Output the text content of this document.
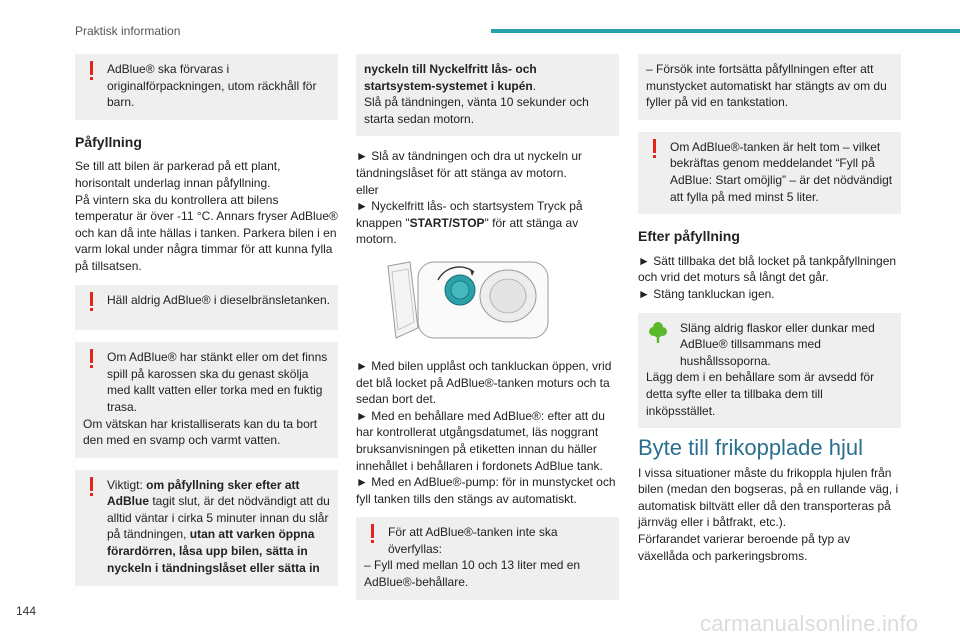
Praktisk information

AdBlue® ska förvaras i originalförpackningen, utom räckhåll för barn.

Påfyllning

Se till att bilen är parkerad på ett plant, horisontalt underlag innan påfyllning.

På vintern ska du kontrollera att bilens temperatur är över -11 °C. Annars fryser AdBlue® och kan då inte hällas i tanken. Parkera bilen i en varm lokal under några timmar för att kunna fylla på tillsatsen.

Häll aldrig AdBlue® i dieselbränsletanken.

Om AdBlue® har stänkt eller om det finns spill på karossen ska du genast skölja med kallt vatten eller torka med en fuktig trasa.

Om vätskan har kristalliserats kan du ta bort den med en svamp och varmt vatten.

Viktigt: om påfyllning sker efter att AdBlue tagit slut, är det nödvändigt att du alltid väntar i cirka 5 minuter innan du slår på tändningen, utan att varken öppna förardörren, låsa upp bilen, sätta in nyckeln i tändningslåset eller sätta in

nyckeln till Nyckelfritt lås- och startsystem-systemet i kupén.

Slå på tändningen, vänta 10 sekunder och starta sedan motorn.

► Slå av tändningen och dra ut nyckeln ur tändningslåset för att stänga av motorn.

eller

► Nyckelfritt lås- och startsystem Tryck på knappen "START/STOP" för att stänga av motorn.

► Med bilen upplåst och tankluckan öppen, vrid det blå locket på AdBlue®-tanken moturs och ta sedan bort det.

► Med en behållare med AdBlue®: efter att du har kontrollerat utgångsdatumet, läs noggrant bruksanvisningen på etiketten innan du häller innehållet i behållaren i fordonets AdBlue tank.

► Med en AdBlue®-pump: för in munstycket och fyll tanken tills den stängs av automatiskt.

För att AdBlue®-tanken inte ska överfyllas:

– Fyll med mellan 10 och 13 liter med en AdBlue®-behållare.

– Försök inte fortsätta påfyllningen efter att munstycket automatiskt har stängts av om du fyller på vid en tankstation.

Om AdBlue®-tanken är helt tom – vilket bekräftas genom meddelandet “Fyll på AdBlue: Start omöjlig” – är det nödvändigt att fylla på med minst 5 liter.

Efter påfyllning

► Sätt tillbaka det blå locket på tankpåfyllningen och vrid det moturs så långt det går.

► Stäng tankluckan igen.

Släng aldrig flaskor eller dunkar med AdBlue® tillsammans med hushållssoporna.

Lägg dem i en behållare som är avsedd för detta syfte eller ta tillbaka dem till inköpsstället.

Byte till frikopplade hjul

I vissa situationer måste du frikoppla hjulen från bilen (medan den bogseras, på en rullande väg, i automatisk biltvätt eller då den transporteras på järnväg eller i båtfrakt, etc.).

Förfarandet varierar beroende på typ av växellåda och parkeringsbroms.

144	carmanualsonline.info
